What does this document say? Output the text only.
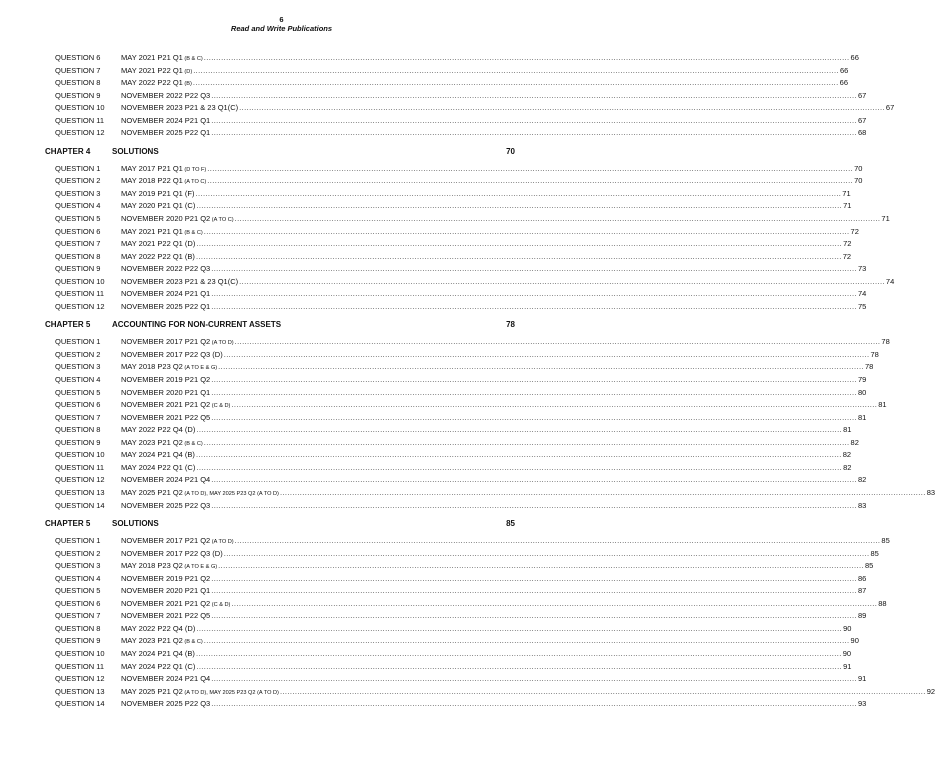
6
Read and Write Publications
QUESTION 6	MAY 2021 P21 Q1 (B & C) .................................................................................................................................................................................................................................................................... 66
QUESTION 7	MAY 2021 P22 Q1 (D) .................................................................................................................................................................................................................................................................... 66
QUESTION 8	MAY 2022 P22 Q1 (B) .................................................................................................................................................................................................................................................................... 66
QUESTION 9	NOVEMBER 2022 P22 Q3 .................................................................................................................................................................................................................................................................... 67
QUESTION 10 NOVEMBER 2023 P21 & 23 Q1(C) .................................................................................................................................................................................................................................................................... 67
QUESTION 11 NOVEMBER 2024 P21 Q1 .................................................................................................................................................................................................................................................................... 67
QUESTION 12 NOVEMBER 2025 P22 Q1 .................................................................................................................................................................................................................................................................... 68
CHAPTER 4	SOLUTIONS	70
QUESTION 1	MAY 2017 P21 Q1 (D TO F) .................................................................................................................................................................................................................................................................... 70
QUESTION 2	MAY 2018 P22 Q1 (A TO C) .................................................................................................................................................................................................................................................................... 70
QUESTION 3	MAY 2019 P21 Q1 (F) .................................................................................................................................................................................................................................................................... 71
QUESTION 4	MAY 2020 P21 Q1 (C) .................................................................................................................................................................................................................................................................... 71
QUESTION 5	NOVEMBER 2020 P21 Q2 (A TO C) .................................................................................................................................................................................................................................................................... 71
QUESTION 6	MAY 2021 P21 Q1 (B & C) .................................................................................................................................................................................................................................................................... 72
QUESTION 7	MAY 2021 P22 Q1 (D) .................................................................................................................................................................................................................................................................... 72
QUESTION 8	MAY 2022 P22 Q1 (B) .................................................................................................................................................................................................................................................................... 72
QUESTION 9	NOVEMBER 2022 P22 Q3 .................................................................................................................................................................................................................................................................... 73
QUESTION 10 NOVEMBER 2023 P21 & 23 Q1(C) .................................................................................................................................................................................................................................................................... 74
QUESTION 11 NOVEMBER 2024 P21 Q1 .................................................................................................................................................................................................................................................................... 74
QUESTION 12 NOVEMBER 2025 P22 Q1 .................................................................................................................................................................................................................................................................... 75
CHAPTER 5	ACCOUNTING FOR NON-CURRENT ASSETS	78
QUESTION 1	NOVEMBER 2017 P21 Q2 (A TO D) .................................................................................................................................................................................................................................................................... 78
QUESTION 2	NOVEMBER 2017 P22 Q3 (D) .................................................................................................................................................................................................................................................................... 78
QUESTION 3	MAY 2018 P23 Q2 (A TO E & G) .................................................................................................................................................................................................................................................................... 78
QUESTION 4	NOVEMBER 2019 P21 Q2 .................................................................................................................................................................................................................................................................... 79
QUESTION 5	NOVEMBER 2020 P21 Q1 .................................................................................................................................................................................................................................................................... 80
QUESTION 6	NOVEMBER 2021 P21 Q2 (C & D) .................................................................................................................................................................................................................................................................... 81
QUESTION 7	NOVEMBER 2021 P22 Q5 .................................................................................................................................................................................................................................................................... 81
QUESTION 8	MAY 2022 P22 Q4 (D) .................................................................................................................................................................................................................................................................... 81
QUESTION 9	MAY 2023 P21 Q2 (B & C) .................................................................................................................................................................................................................................................................... 82
QUESTION 10 MAY 2024 P21 Q4 (B) .................................................................................................................................................................................................................................................................... 82
QUESTION 11 MAY 2024 P22 Q1 (C) .................................................................................................................................................................................................................................................................... 82
QUESTION 12 NOVEMBER 2024 P21 Q4 .................................................................................................................................................................................................................................................................... 82
QUESTION 13 MAY 2025 P21 Q2 (A TO D), MAY 2025 P23 Q2 (A TO D) .................................................................................................................................................................................................................................................................... 83
QUESTION 14 NOVEMBER 2025 P22 Q3 .................................................................................................................................................................................................................................................................... 83
CHAPTER 5	SOLUTIONS	85
QUESTION 1	NOVEMBER 2017 P21 Q2 (A TO D) .................................................................................................................................................................................................................................................................... 85
QUESTION 2	NOVEMBER 2017 P22 Q3 (D) .................................................................................................................................................................................................................................................................... 85
QUESTION 3	MAY 2018 P23 Q2 (A TO E & G) .................................................................................................................................................................................................................................................................... 85
QUESTION 4	NOVEMBER 2019 P21 Q2 .................................................................................................................................................................................................................................................................... 86
QUESTION 5	NOVEMBER 2020 P21 Q1 .................................................................................................................................................................................................................................................................... 87
QUESTION 6	NOVEMBER 2021 P21 Q2 (C & D) .................................................................................................................................................................................................................................................................... 88
QUESTION 7	NOVEMBER 2021 P22 Q5 .................................................................................................................................................................................................................................................................... 89
QUESTION 8	MAY 2022 P22 Q4 (D) .................................................................................................................................................................................................................................................................... 90
QUESTION 9	MAY 2023 P21 Q2 (B & C) .................................................................................................................................................................................................................................................................... 90
QUESTION 10 MAY 2024 P21 Q4 (B) .................................................................................................................................................................................................................................................................... 90
QUESTION 11 MAY 2024 P22 Q1 (C) .................................................................................................................................................................................................................................................................... 91
QUESTION 12 NOVEMBER 2024 P21 Q4 .................................................................................................................................................................................................................................................................... 91
QUESTION 13 MAY 2025 P21 Q2 (A TO D), MAY 2025 P23 Q2 (A TO D) .................................................................................................................................................................................................................................................................... 92
QUESTION 14 NOVEMBER 2025 P22 Q3 .................................................................................................................................................................................................................................................................... 93
